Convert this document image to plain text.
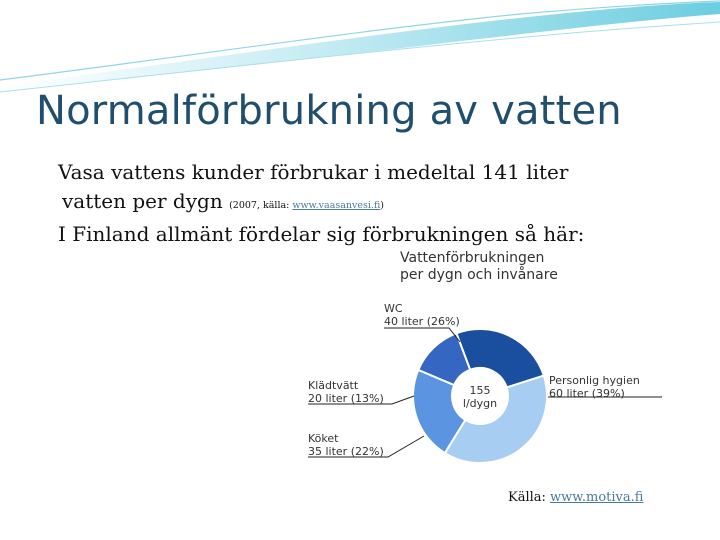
Normalförbrukning av vatten
Vasa vattens kunder förbrukar i medeltal 141 liter
vatten per dygn (2007, källa: www.vaasanvesi.fi)
I Finland allmänt fördelar sig förbrukningen så här:
Vattenförbrukningen
per dygn och invånare
155
l/dygn
WC
40 liter (26%)
Personlig hygien
60 liter (39%)
Klädtvätt
20 liter (13%)
Köket
35 liter (22%)
Källa: www.motiva.fi
